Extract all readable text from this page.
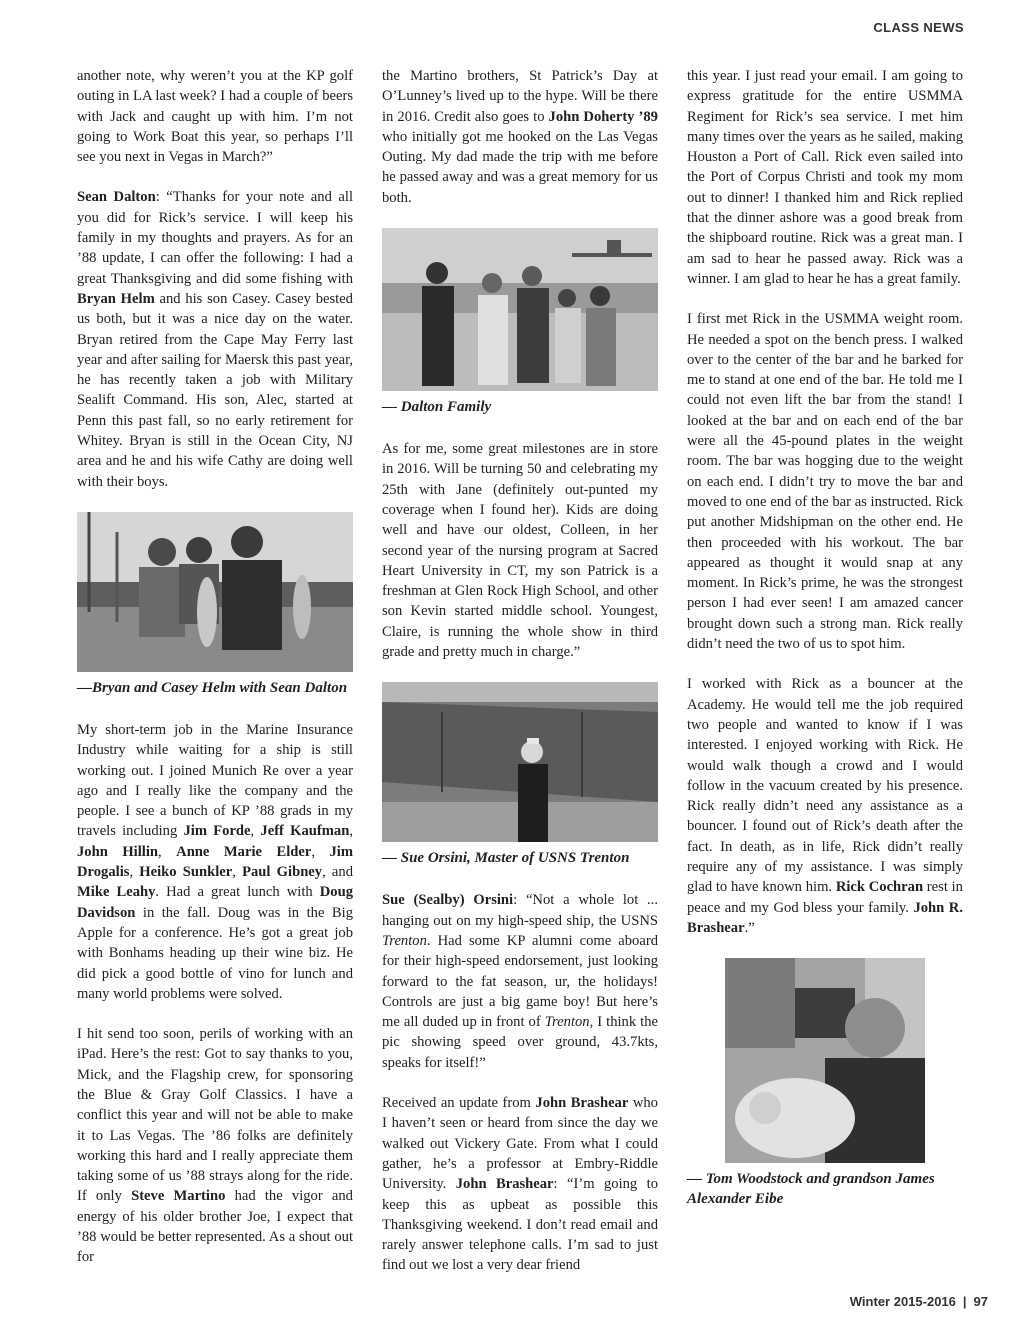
CLASS NEWS

another note, why weren’t you at the KP golf outing in LA last week? I had a couple of beers with Jack and caught up with him. I’m not going to Work Boat this year, so perhaps I’ll see you next in Vegas in March?”

Sean Dalton: “Thanks for your note and all you did for Rick’s service. I will keep his family in my thoughts and prayers. As for an ’88 update, I can offer the following: I had a great Thanksgiving and did some fishing with Bryan Helm and his son Casey. Casey bested us both, but it was a nice day on the water. Bryan retired from the Cape May Ferry last year and after sailing for Maersk this past year, he has recently taken a job with Military Sealift Command. His son, Alec, started at Penn this past fall, so no early retirement for Whitey. Bryan is still in the Ocean City, NJ area and he and his wife Cathy are doing well with their boys.

—Bryan and Casey Helm with Sean Dalton

My short-term job in the Marine Insurance Industry while waiting for a ship is still working out. I joined Munich Re over a year ago and I really like the company and the people. I see a bunch of KP ’88 grads in my travels including Jim Forde, Jeff Kaufman, John Hillin, Anne Marie Elder, Jim Drogalis, Heiko Sunkler, Paul Gibney, and Mike Leahy. Had a great lunch with Doug Davidson in the fall. Doug was in the Big Apple for a conference. He’s got a great job with Bonhams heading up their wine biz. He did pick a good bottle of vino for lunch and many world problems were solved.

I hit send too soon, perils of working with an iPad. Here’s the rest: Got to say thanks to you, Mick, and the Flagship crew, for sponsoring the Blue & Gray Golf Classics. I have a conflict this year and will not be able to make it to Las Vegas. The ’86 folks are definitely working this hard and I really appreciate them taking some of us ’88 strays along for the ride. If only Steve Martino had the vigor and energy of his older brother Joe, I expect that ’88 would be better represented. As a shout out for

the Martino brothers, St Patrick’s Day at O’Lunney’s lived up to the hype. Will be there in 2016. Credit also goes to John Doherty ’89 who initially got me hooked on the Las Vegas Outing. My dad made the trip with me before he passed away and was a great memory for us both.

— Dalton Family

As for me, some great milestones are in store in 2016. Will be turning 50 and celebrating my 25th with Jane (definitely out-punted my coverage when I found her). Kids are doing well and have our oldest, Colleen, in her second year of the nursing program at Sacred Heart University in CT, my son Patrick is a freshman at Glen Rock High School, and other son Kevin started middle school. Youngest, Claire, is running the whole show in third grade and pretty much in charge.”

— Sue Orsini, Master of USNS Trenton

Sue (Sealby) Orsini: “Not a whole lot ... hanging out on my high-speed ship, the USNS Trenton. Had some KP alumni come aboard for their high-speed endorsement, just looking forward to the fat season, ur, the holidays! Controls are just a big game boy! But here’s me all duded up in front of Trenton, I think the pic showing speed over ground, 43.7kts, speaks for itself!”

Received an update from John Brashear who I haven’t seen or heard from since the day we walked out Vickery Gate. From what I could gather, he’s a professor at Embry-Riddle University. John Brashear: “I’m going to keep this as upbeat as possible this Thanksgiving weekend. I don’t read email and rarely answer telephone calls. I’m sad to just find out we lost a very dear friend

this year. I just read your email. I am going to express gratitude for the entire USMMA Regiment for Rick’s sea service. I met him many times over the years as he sailed, making Houston a Port of Call. Rick even sailed into the Port of Corpus Christi and took my mom out to dinner! I thanked him and Rick replied that the dinner ashore was a good break from the shipboard routine. Rick was a great man. I am sad to hear he passed away. Rick was a winner. I am glad to hear he has a great family.

I first met Rick in the USMMA weight room. He needed a spot on the bench press. I walked over to the center of the bar and he barked for me to stand at one end of the bar. He told me I could not even lift the bar from the stand! I looked at the bar and on each end of the bar were all the 45-pound plates in the weight room. The bar was hogging due to the weight on each end. I didn’t try to move the bar and moved to one end of the bar as instructed. Rick put another Midshipman on the other end. He then proceeded with his workout. The bar appeared as thought it would snap at any moment. In Rick’s prime, he was the strongest person I had ever seen! I am amazed cancer brought down such a strong man. Rick really didn’t need the two of us to spot him.

I worked with Rick as a bouncer at the Academy. He would tell me the job required two people and wanted to know if I was interested. I enjoyed working with Rick. He would walk though a crowd and I would follow in the vacuum created by his presence. Rick really didn’t need any assistance as a bouncer. I found out of Rick’s death after the fact. In death, as in life, Rick didn’t really require any of my assistance. I was simply glad to have known him. Rick Cochran rest in peace and my God bless your family. John R. Brashear.”

— Tom Woodstock and grandson James Alexander Eibe
Winter 2015-2016 | 97
